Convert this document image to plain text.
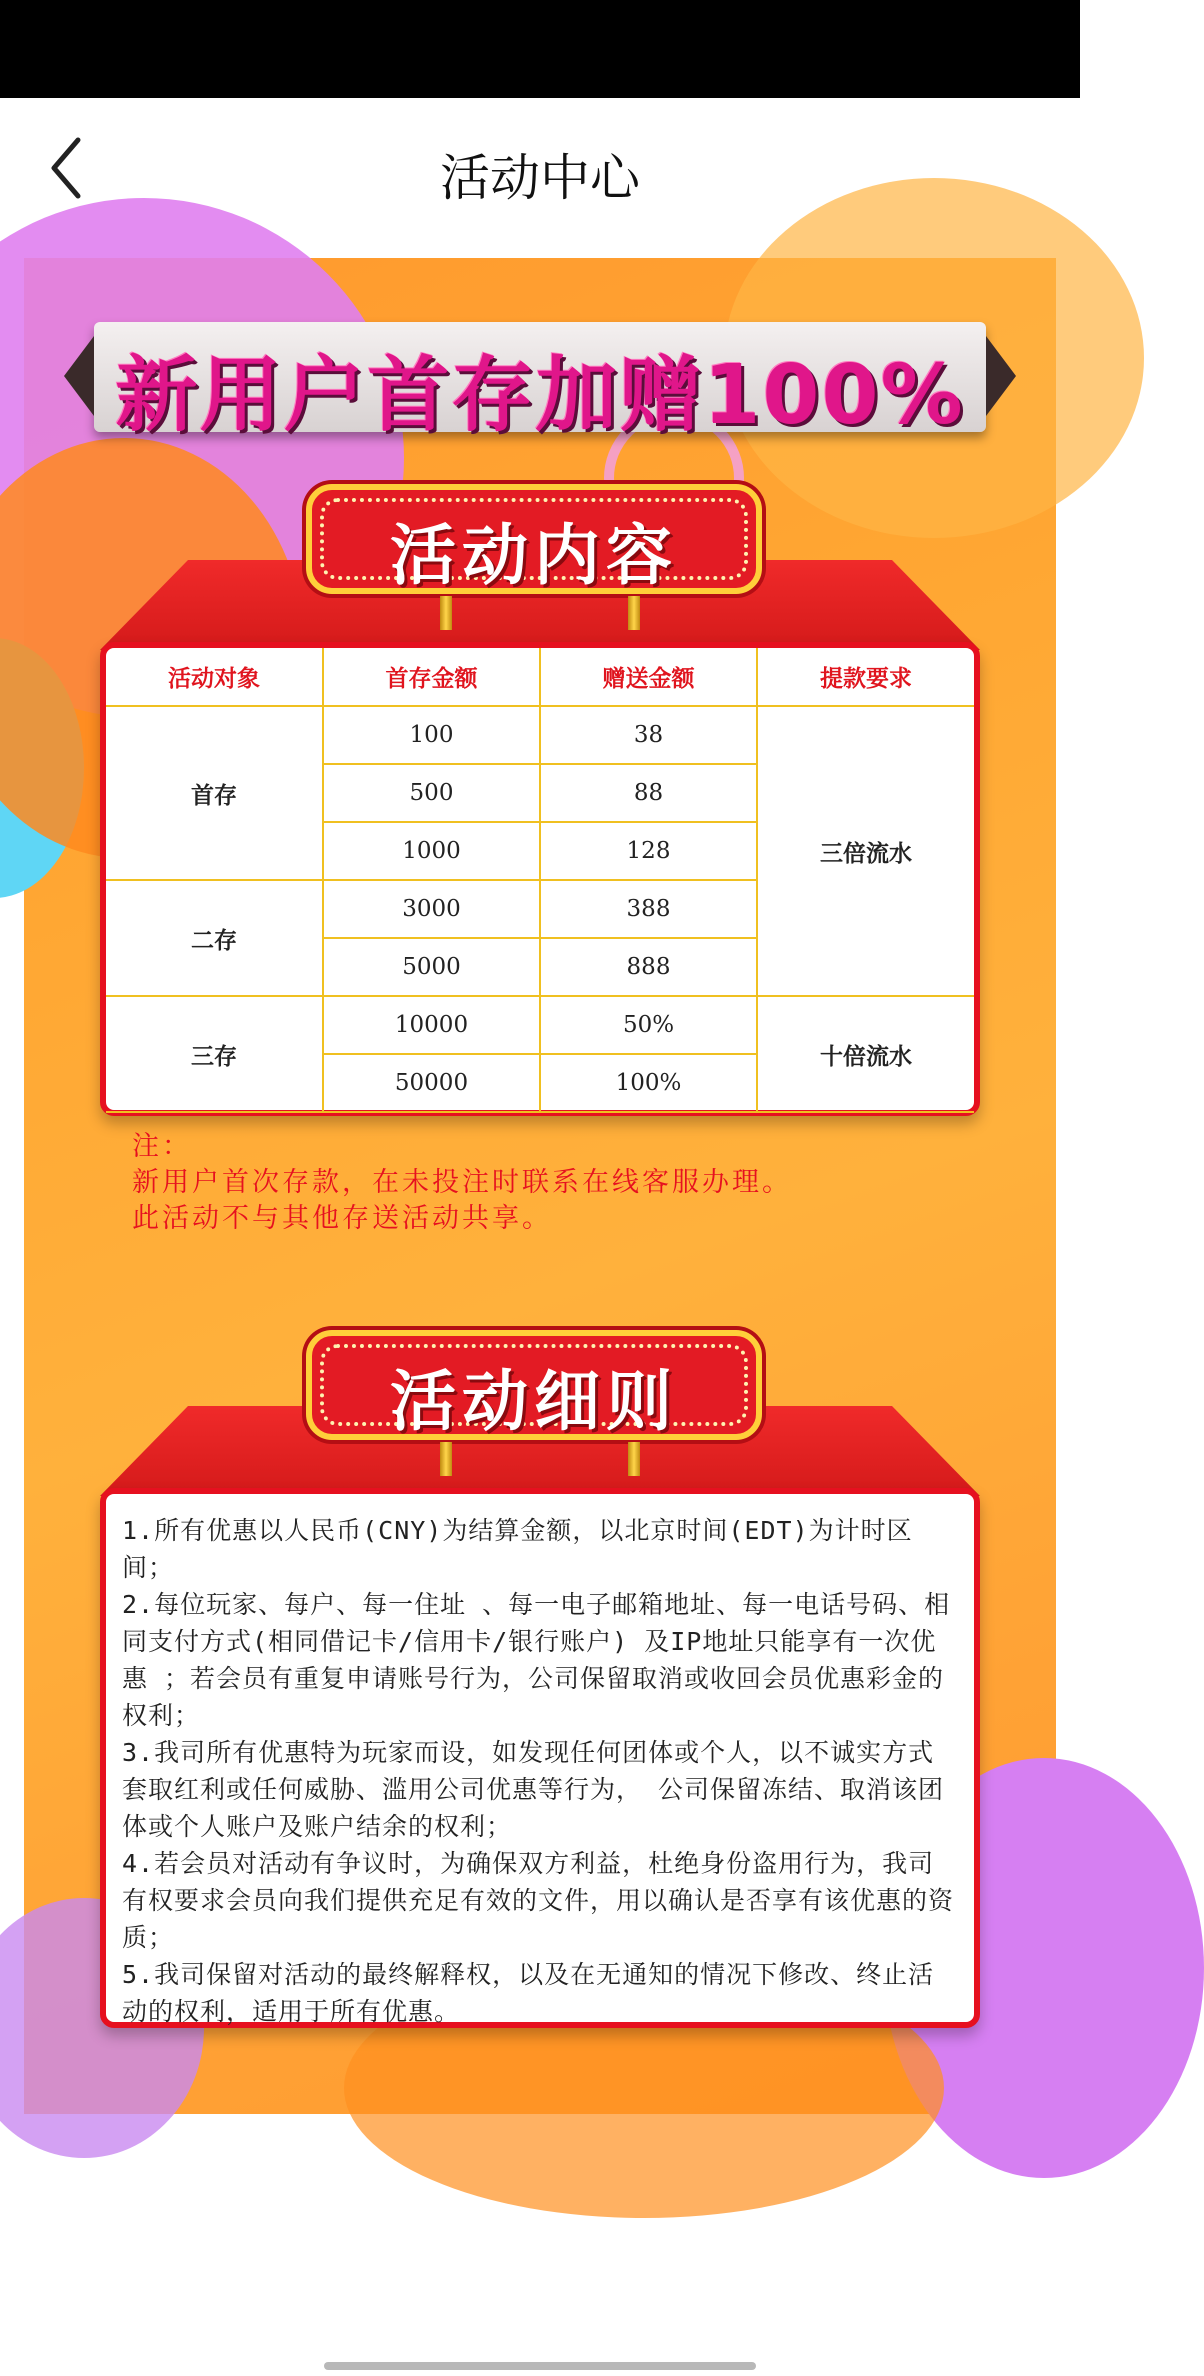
活动中心
新用户首存加赠100%
活动内容
活动对象	首存金额	赠送金额	提款要求
首存	100	38	三倍流水
	500	88	
	1000	128	
二存	3000	388	
	5000	888	
三存	10000	50%	十倍流水
	50000	100%	
注：
新用户首次存款，在未投注时联系在线客服办理。
此活动不与其他存送活动共享。
活动细则

1.所有优惠以人民币(CNY)为结算金额，以北京时间(EDT)为计时区间；

2.每位玩家、每户、每一住址 、每一电子邮箱地址、每一电话号码、相同支付方式(相同借记卡/信用卡/银行账户) 及IP地址只能享有一次优惠 ；若会员有重复申请账号行为，公司保留取消或收回会员优惠彩金的权利；

3.我司所有优惠特为玩家而设，如发现任何团体或个人，以不诚实方式套取红利或任何威胁、滥用公司优惠等行为， 公司保留冻结、取消该团体或个人账户及账户结余的权利；

4.若会员对活动有争议时，为确保双方利益，杜绝身份盗用行为，我司有权要求会员向我们提供充足有效的文件，用以确认是否享有该优惠的资质；

5.我司保留对活动的最终解释权，以及在无通知的情况下修改、终止活动的权利，适用于所有优惠。
